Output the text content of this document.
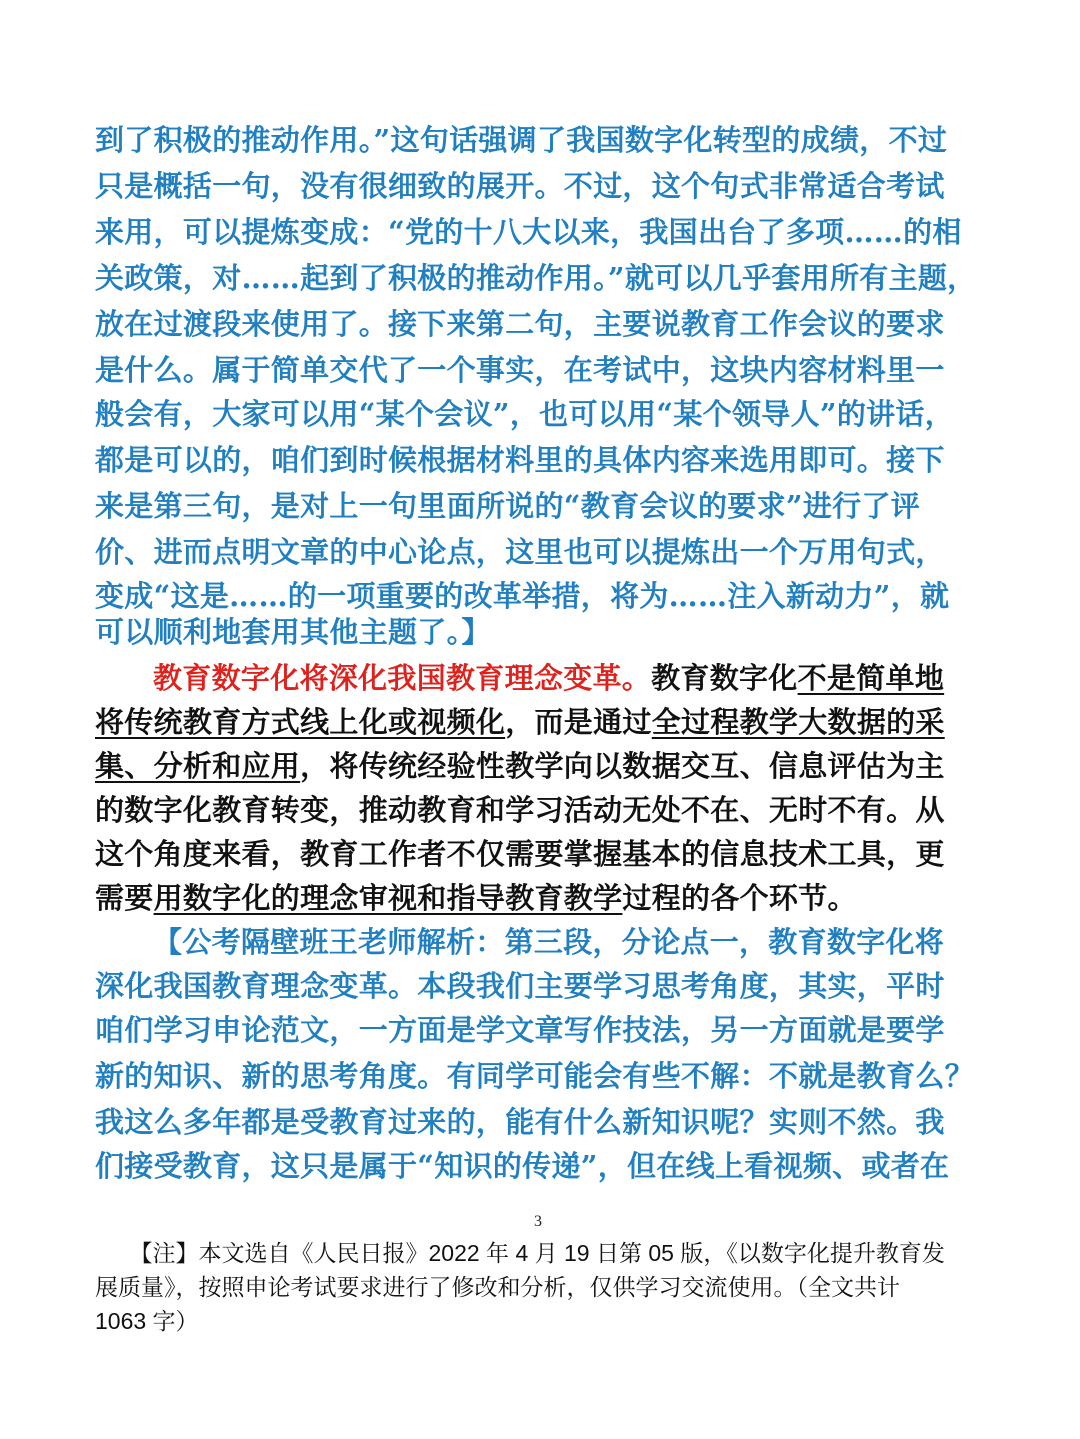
到了积极的推动作用。”这句话强调了我国数字化转型的成绩，不过
只是概括一句，没有很细致的展开。不过，这个句式非常适合考试
来用，可以提炼变成：“党的十八大以来，我国出台了多项……的相
关政策，对……起到了积极的推动作用。”就可以几乎套用所有主题，
放在过渡段来使用了。接下来第二句，主要说教育工作会议的要求
是什么。属于简单交代了一个事实，在考试中，这块内容材料里一
般会有，大家可以用“某个会议”，也可以用“某个领导人”的讲话，
都是可以的，咱们到时候根据材料里的具体内容来选用即可。接下
来是第三句，是对上一句里面所说的“教育会议的要求”进行了评
价、进而点明文章的中心论点，这里也可以提炼出一个万用句式，
变成“这是……的一项重要的改革举措，将为……注入新动力”，就
可以顺利地套用其他主题了。】
教育数字化将深化我国教育理念变革。教育数字化不是简单地
将传统教育方式线上化或视频化，而是通过全过程教学大数据的采
集、分析和应用，将传统经验性教学向以数据交互、信息评估为主
的数字化教育转变，推动教育和学习活动无处不在、无时不有。从
这个角度来看，教育工作者不仅需要掌握基本的信息技术工具，更
需要用数字化的理念审视和指导教育教学过程的各个环节。
【公考隔壁班王老师解析：第三段，分论点一，教育数字化将
深化我国教育理念变革。本段我们主要学习思考角度，其实，平时
咱们学习申论范文，一方面是学文章写作技法，另一方面就是要学
新的知识、新的思考角度。有同学可能会有些不解：不就是教育么？
我这么多年都是受教育过来的，能有什么新知识呢？实则不然。我
们接受教育，这只是属于“知识的传递”，但在线上看视频、或者在
3
　　【注】本文选自《人民日报》2022 年 4 月 19 日第 05 版，《以数字化提升教育发
展质量》，按照申论考试要求进行了修改和分析，仅供学习交流使用。（全文共计
1063 字）
